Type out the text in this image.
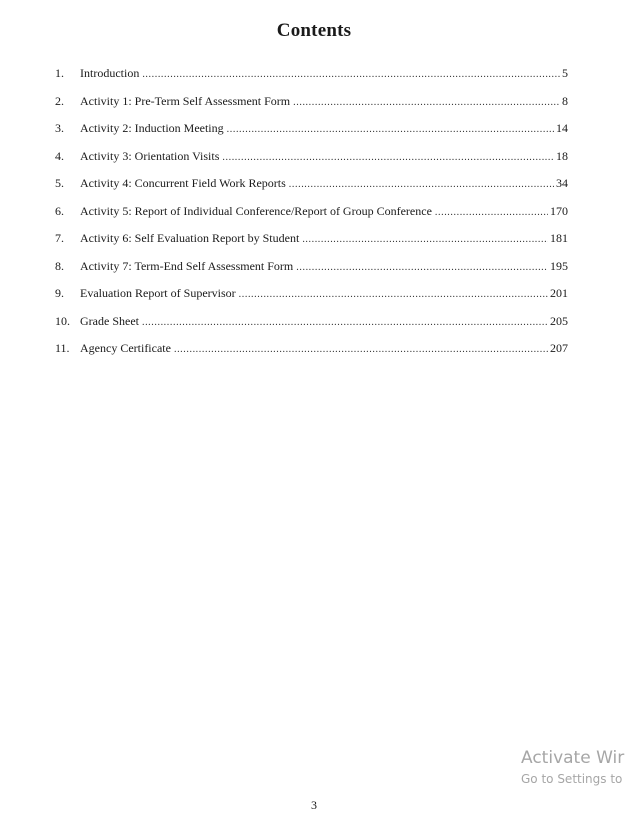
Contents
1.	Introduction .....	5
2.	Activity 1: Pre-Term Self Assessment Form .....	8
3.	Activity 2: Induction Meeting .....	14
4.	Activity 3: Orientation Visits .....	18
5.	Activity 4: Concurrent Field Work Reports .....	34
6.	Activity 5: Report of Individual Conference/Report of Group Conference .....	170
7.	Activity 6: Self Evaluation Report by Student .....	181
8.	Activity 7: Term-End Self Assessment Form .....	195
9.	Evaluation Report of Supervisor .....	201
10. Grade Sheet .....	205
11. Agency Certificate .....	207
Activate Wir
Go to Settings to
3
